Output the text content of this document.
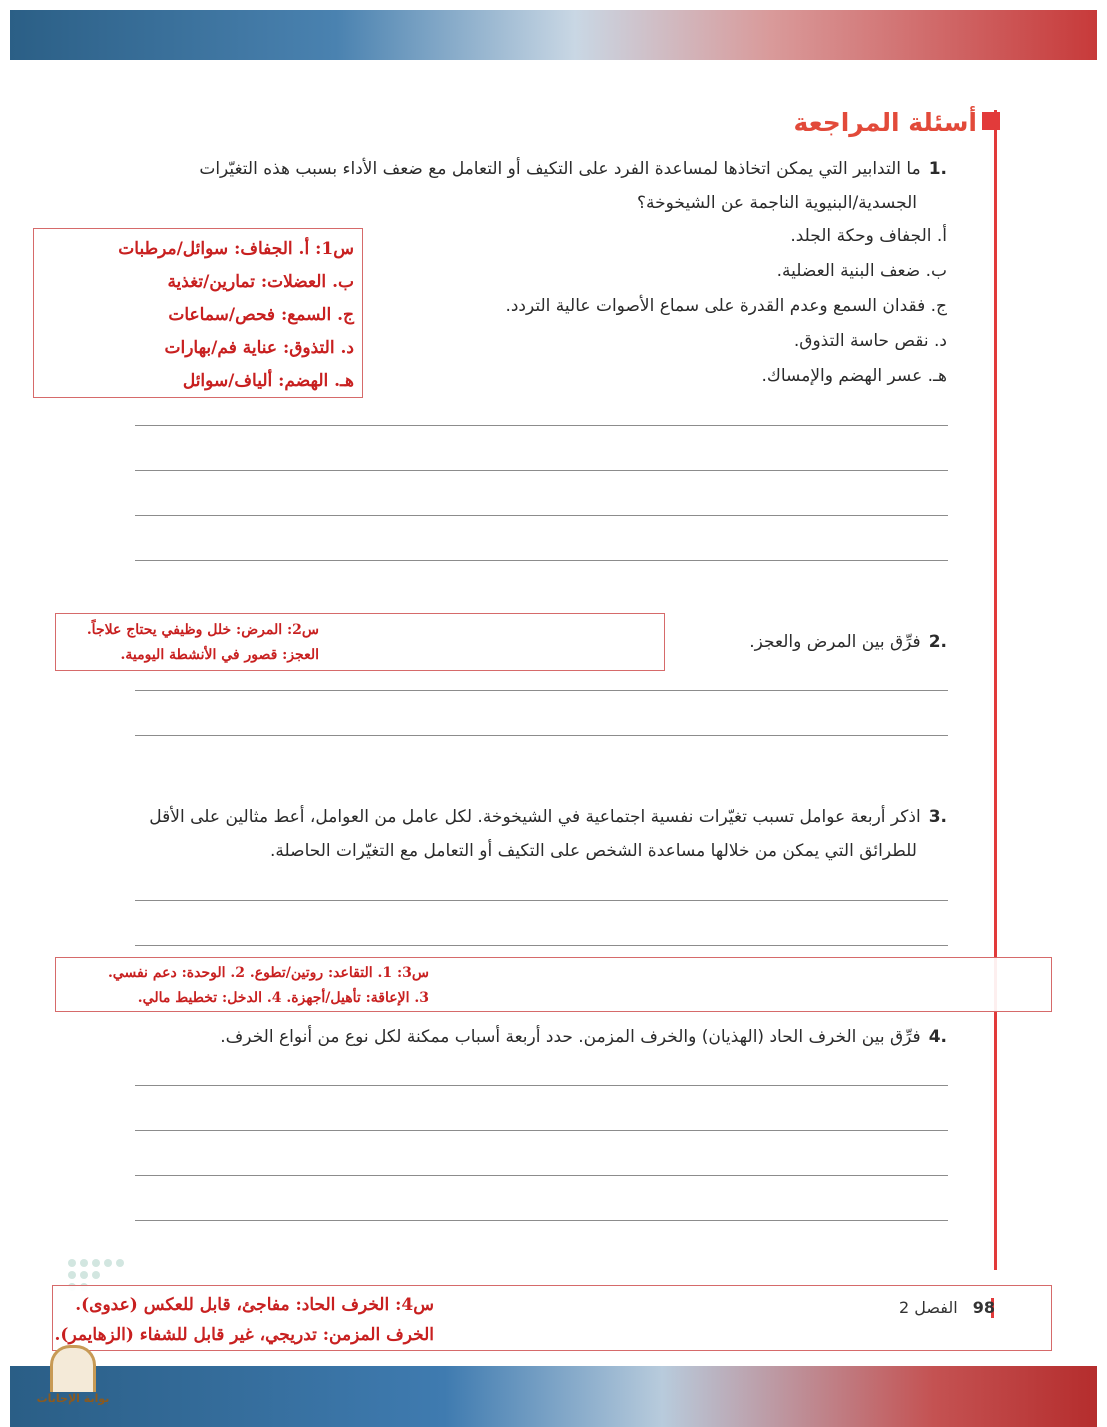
أسئلة المراجعة
.1ما التدابير التي يمكن اتخاذها لمساعدة الفرد على التكيف أو التعامل مع ضعف الأداء بسبب هذه التغيّرات
الجسدية/البنيوية الناجمة عن الشيخوخة؟
أ. الجفاف وحكة الجلد.
ب. ضعف البنية العضلية.
ج. فقدان السمع وعدم القدرة على سماع الأصوات عالية التردد.
د. نقص حاسة التذوق.
هـ. عسر الهضم والإمساك.
س1: أ. الجفاف: سوائل/مرطبات
ب. العضلات: تمارين/تغذية
ج. السمع: فحص/سماعات
د. التذوق: عناية فم/بهارات
هـ. الهضم: ألياف/سوائل
.2فرِّق بين المرض والعجز.
س2: المرض: خلل وظيفي يحتاج علاجاً.
العجز: قصور في الأنشطة اليومية.
.3اذكر أربعة عوامل تسبب تغيّرات نفسية اجتماعية في الشيخوخة. لكل عامل من العوامل، أعط مثالين على الأقل
للطرائق التي يمكن من خلالها مساعدة الشخص على التكيف أو التعامل مع التغيّرات الحاصلة.
س3: 1. التقاعد: روتين/تطوع. 2. الوحدة: دعم نفسي.
3. الإعاقة: تأهيل/أجهزة. 4. الدخل: تخطيط مالي.
.4فرِّق بين الخرف الحاد (الهذيان) والخرف المزمن. حدد أربعة أسباب ممكنة لكل نوع من أنواع الخرف.
س4: الخرف الحاد: مفاجئ، قابل للعكس (عدوى).
الخرف المزمن: تدريجي، غير قابل للشفاء (الزهايمر).
98 الفصل 2
بوابة الإجابات
